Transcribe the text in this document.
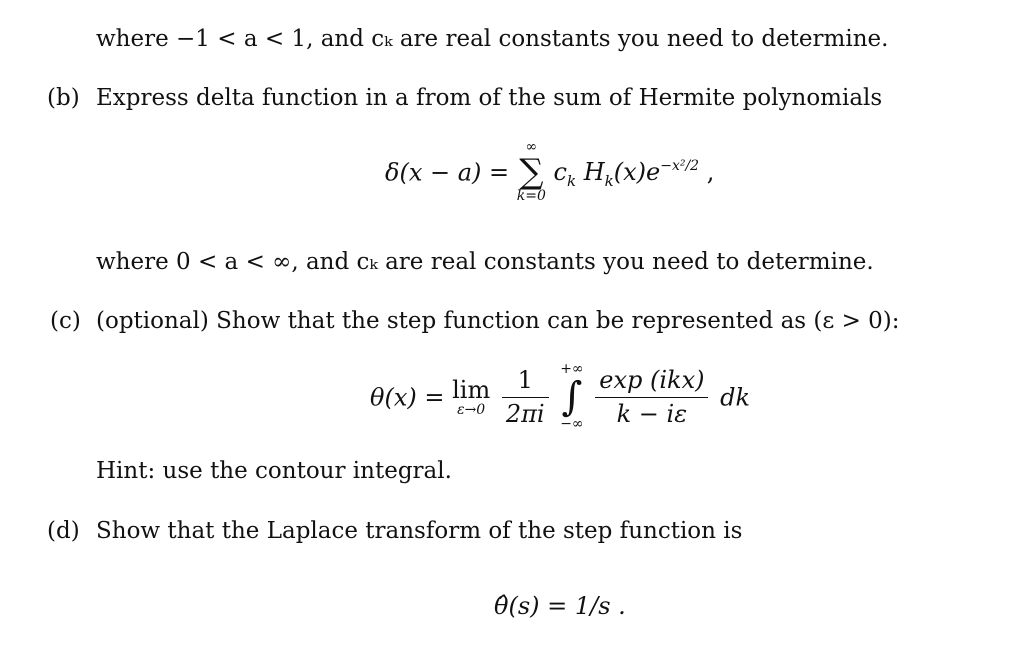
where −1 < a < 1, and cₖ are real constants you need to determine.
(b) Express delta function in a from of the sum of Hermite polynomials
δ(x − a) =
∞
∑
k=0
$c_k$ $H_k(x)e^{-x^2/2}$ ,
where 0 < a < ∞, and cₖ are real constants you need to determine.
(c) (optional) Show that the step function can be represented as (ε > 0):
θ(x) = lim
ε→0
$\frac{1}{2\pi i}$
+∞
∫
−∞
$\frac{\text{exp (ikx)}}{k - i\varepsilon}$ dk
Hint: use the contour integral.
(d) Show that the Laplace transform of the step function is
θ̂(s) = 1/s .
